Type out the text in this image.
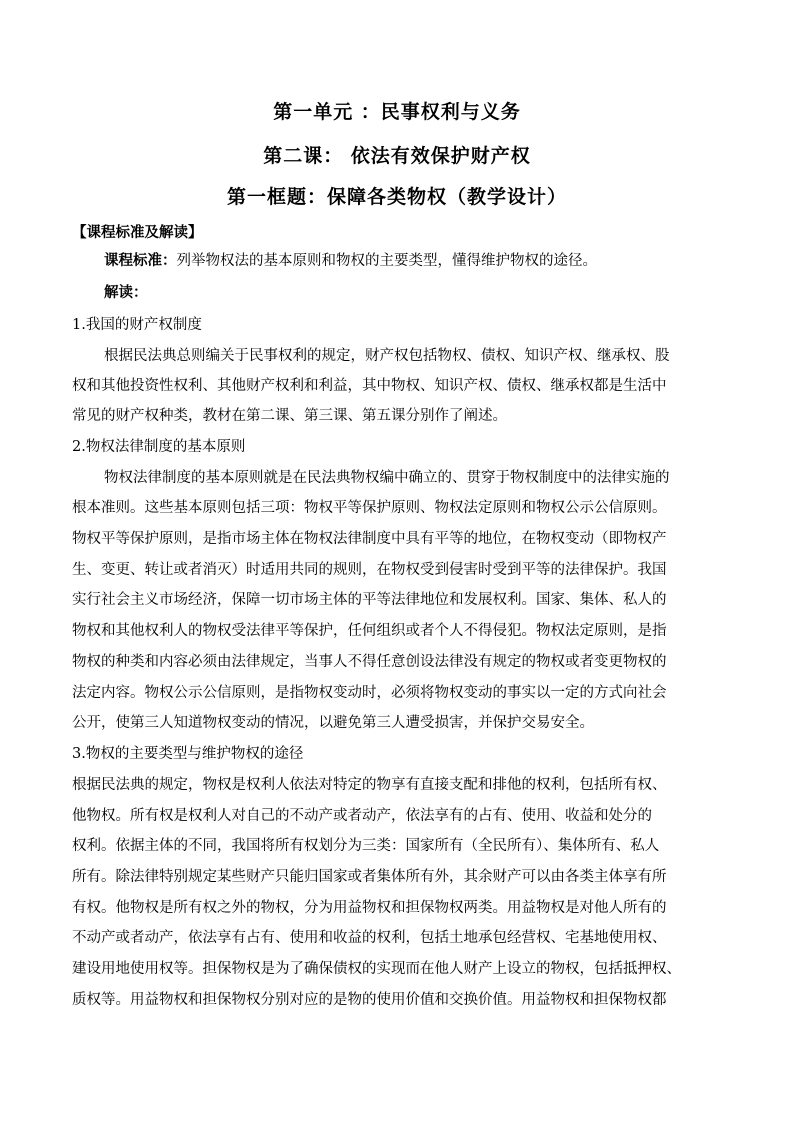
第一单元 ：民事权利与义务
第二课： 依法有效保护财产权
第一框题：保障各类物权（教学设计）
【课程标准及解读】
课程标准：列举物权法的基本原则和物权的主要类型，懂得维护物权的途径。
解读：
1.我国的财产权制度
根据民法典总则编关于民事权利的规定，财产权包括物权、债权、知识产权、继承权、股
权和其他投资性权利、其他财产权利和利益，其中物权、知识产权、债权、继承权都是生活中
常见的财产权种类，教材在第二课、第三课、第五课分别作了阐述。
2.物权法律制度的基本原则
物权法律制度的基本原则就是在民法典物权编中确立的、贯穿于物权制度中的法律实施的
根本准则。这些基本原则包括三项：物权平等保护原则、物权法定原则和物权公示公信原则。
物权平等保护原则，是指市场主体在物权法律制度中具有平等的地位，在物权变动（即物权产
生、变更、转让或者消灭）时适用共同的规则，在物权受到侵害时受到平等的法律保护。我国
实行社会主义市场经济，保障一切市场主体的平等法律地位和发展权利。国家、集体、私人的
物权和其他权利人的物权受法律平等保护，任何组织或者个人不得侵犯。物权法定原则，是指
物权的种类和内容必须由法律规定，当事人不得任意创设法律没有规定的物权或者变更物权的
法定内容。物权公示公信原则，是指物权变动时，必须将物权变动的事实以一定的方式向社会
公开，使第三人知道物权变动的情况，以避免第三人遭受损害，并保护交易安全。
3.物权的主要类型与维护物权的途径
根据民法典的规定，物权是权利人依法对特定的物享有直接支配和排他的权利，包括所有权、
他物权。所有权是权利人对自己的不动产或者动产，依法享有的占有、使用、收益和处分的
权利。依据主体的不同，我国将所有权划分为三类：国家所有（全民所有）、集体所有、私人
所有。除法律特别规定某些财产只能归国家或者集体所有外，其余财产可以由各类主体享有所
有权。他物权是所有权之外的物权，分为用益物权和担保物权两类。用益物权是对他人所有的
不动产或者动产，依法享有占有、使用和收益的权利，包括土地承包经营权、宅基地使用权、
建设用地使用权等。担保物权是为了确保债权的实现而在他人财产上设立的物权，包括抵押权、
质权等。用益物权和担保物权分别对应的是物的使用价值和交换价值。用益物权和担保物权都
